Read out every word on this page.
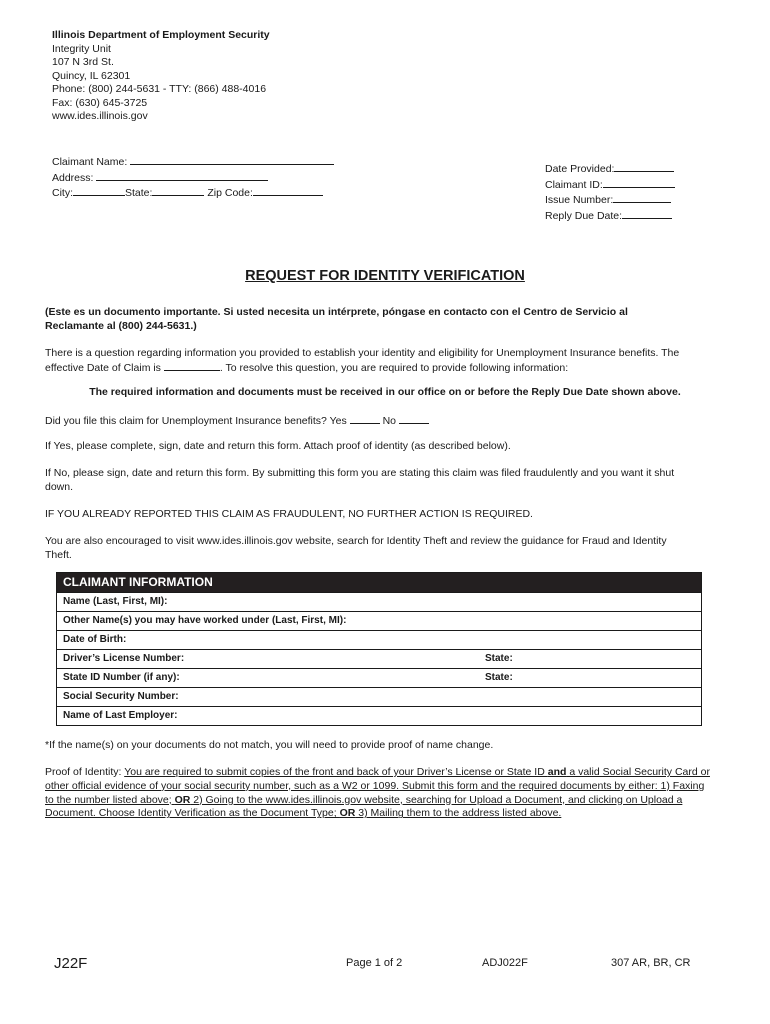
Illinois Department of Employment Security
Integrity Unit
107 N 3rd St.
Quincy, IL 62301
Phone: (800) 244-5631 - TTY: (866) 488-4016
Fax: (630) 645-3725
www.ides.illinois.gov
Claimant Name:
Address:
City:	State:	Zip Code:
Date Provided:
Claimant ID:
Issue Number:
Reply Due Date:
REQUEST FOR IDENTITY VERIFICATION
(Este es un documento importante. Si usted necesita un intérprete, póngase en contacto con el Centro de Servicio al Reclamante al (800) 244-5631.)
There is a question regarding information you provided to establish your identity and eligibility for Unemployment Insurance benefits. The effective Date of Claim is	. To resolve this question, you are required to provide following information:
The required information and documents must be received in our office on or before the Reply Due Date shown above.
Did you file this claim for Unemployment Insurance benefits? Yes	No
If Yes, please complete, sign, date and return this form. Attach proof of identity (as described below).
If No, please sign, date and return this form. By submitting this form you are stating this claim was filed fraudulently and you want it shut down.
IF YOU ALREADY REPORTED THIS CLAIM AS FRAUDULENT, NO FURTHER ACTION IS REQUIRED.
You are also encouraged to visit www.ides.illinois.gov website, search for Identity Theft and review the guidance for Fraud and Identity Theft.
CLAIMANT INFORMATION
Name (Last, First, MI):
Other Name(s) you may have worked under (Last, First, MI):
Date of Birth:
Driver’s License Number:	State:
State ID Number (if any):	State:
Social Security Number:
Name of Last Employer:
*If the name(s) on your documents do not match, you will need to provide proof of name change.
Proof of Identity: You are required to submit copies of the front and back of your Driver’s License or State ID and a valid Social Security Card or other official evidence of your social security number, such as a W2 or 1099. Submit this form and the required documents by either: 1) Faxing to the number listed above; OR 2) Going to the www.ides.illinois.gov website, searching for Upload a Document, and clicking on Upload a Document. Choose Identity Verification as the Document Type; OR 3) Mailing them to the address listed above.
J22F	Page 1 of 2	ADJ022F	307 AR, BR, CR
